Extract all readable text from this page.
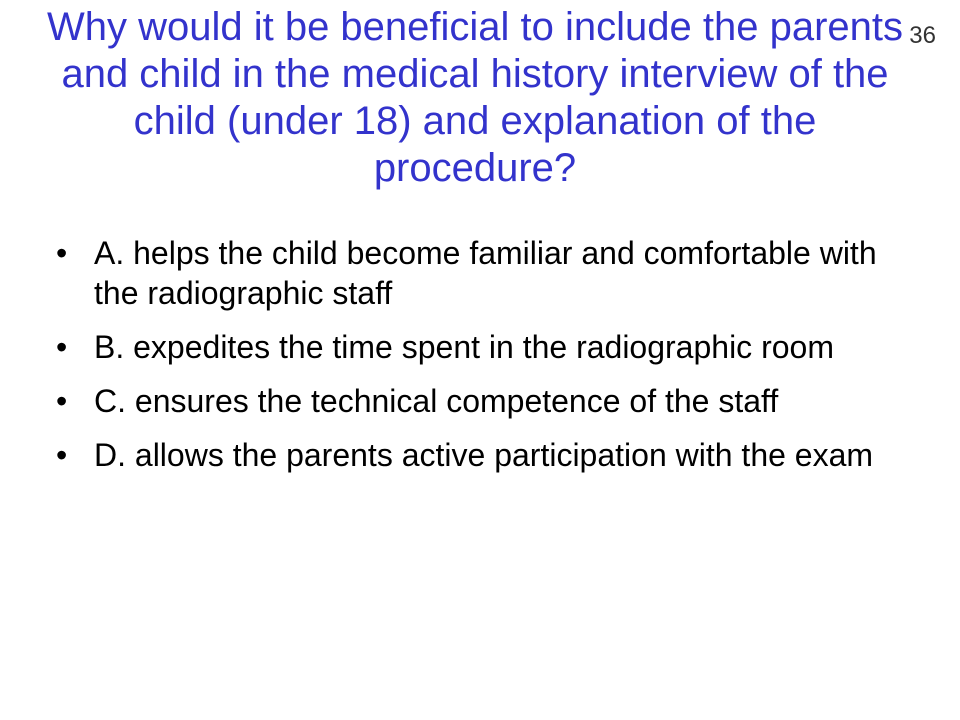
Why would it be beneficial to include the parents and child in the medical history interview of the child (under 18) and explanation of the procedure?
36
• A. helps the child become familiar and comfortable with the radiographic staff
• B. expedites the time spent in the radiographic room
• C. ensures the technical competence of the staff
• D. allows the parents active participation with the exam
